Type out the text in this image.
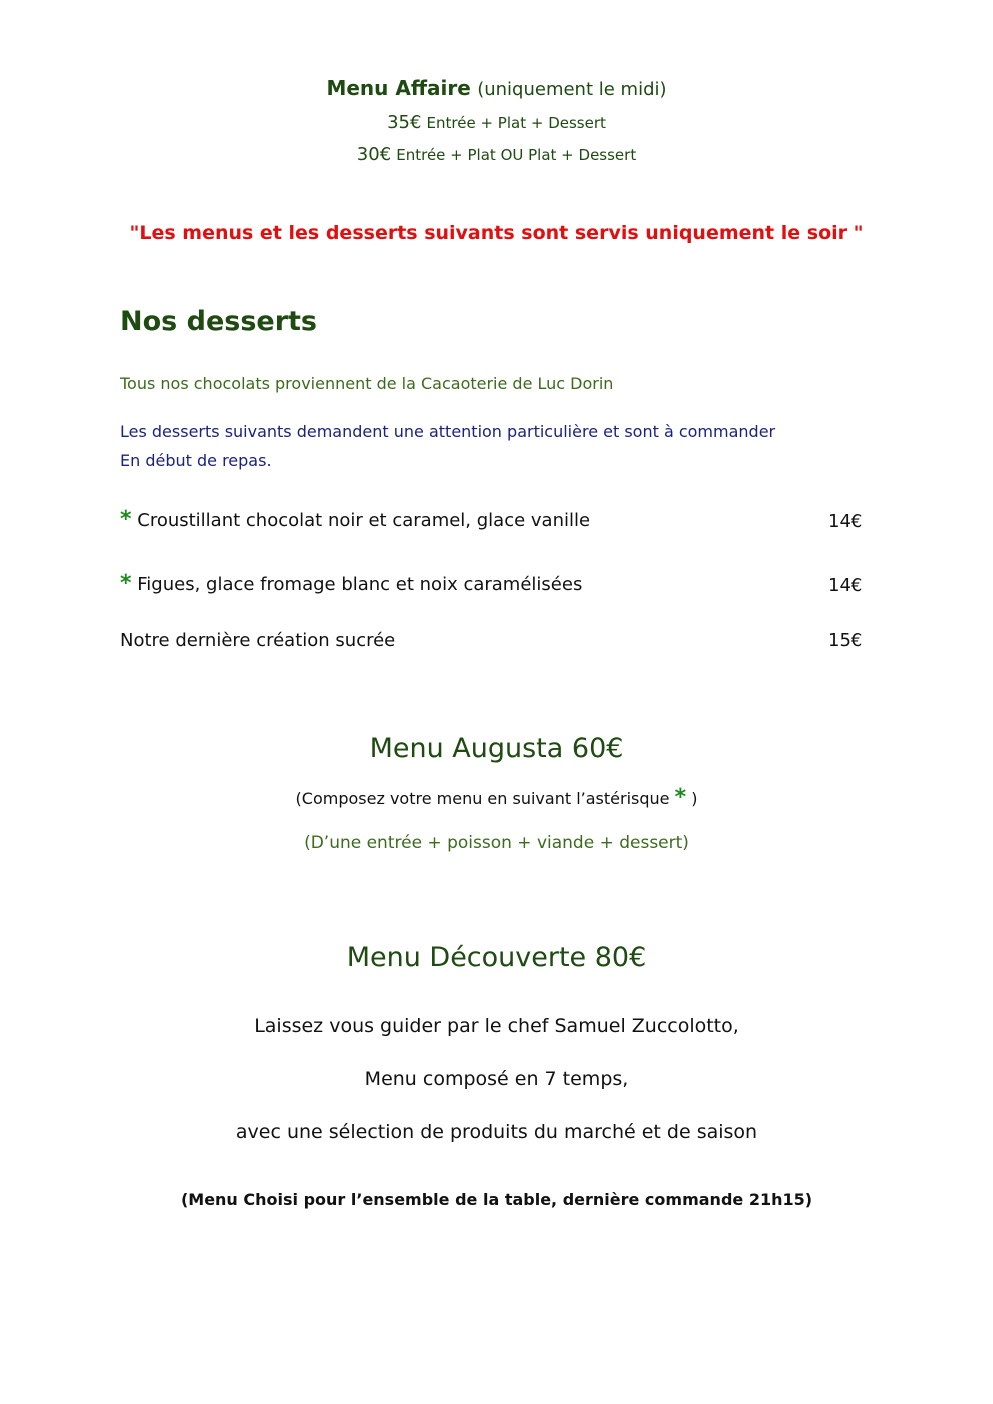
Menu Affaire (uniquement le midi)
35€ Entrée + Plat + Dessert
30€ Entrée + Plat OU Plat + Dessert
"Les menus et les desserts suivants sont servis uniquement le soir "
Nos desserts
Tous nos chocolats proviennent de la Cacaoterie de Luc Dorin
Les desserts suivants demandent une attention particulière et sont à commander
En début de repas.
* Croustillant chocolat noir et caramel, glace vanille	14€
* Figues, glace fromage blanc et noix caramélisées	14€
Notre dernière création sucrée	15€
Menu Augusta 60€
(Composez votre menu en suivant l’astérisque * )
(D’une entrée + poisson + viande + dessert)
Menu Découverte 80€
Laissez vous guider par le chef Samuel Zuccolotto,
Menu composé en 7 temps,
avec une sélection de produits du marché et de saison
(Menu Choisi pour l’ensemble de la table, dernière commande 21h15)
